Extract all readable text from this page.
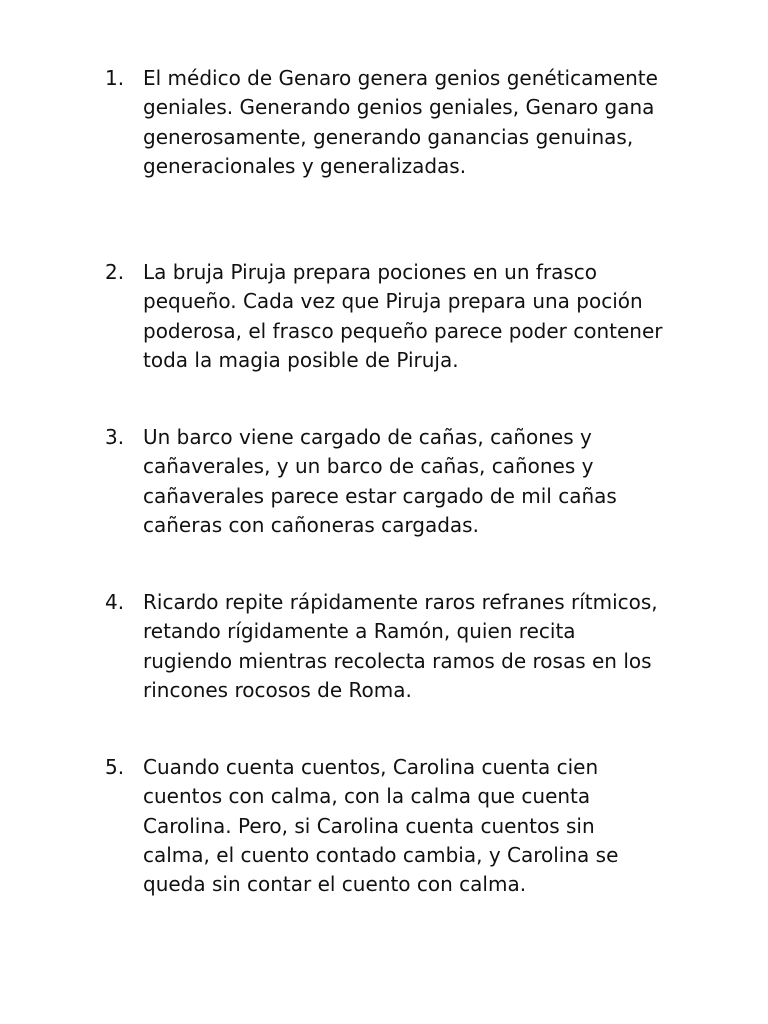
1. El médico de Genaro genera genios genéticamente geniales. Generando genios geniales, Genaro gana generosamente, generando ganancias genuinas, generacionales y generalizadas.
2. La bruja Piruja prepara pociones en un frasco pequeño. Cada vez que Piruja prepara una poción poderosa, el frasco pequeño parece poder contener toda la magia posible de Piruja.
3. Un barco viene cargado de cañas, cañones y cañaverales, y un barco de cañas, cañones y cañaverales parece estar cargado de mil cañas cañeras con cañoneras cargadas.
4. Ricardo repite rápidamente raros refranes rítmicos, retando rígidamente a Ramón, quien recita rugiendo mientras recolecta ramos de rosas en los rincones rocosos de Roma.
5. Cuando cuenta cuentos, Carolina cuenta cien cuentos con calma, con la calma que cuenta Carolina. Pero, si Carolina cuenta cuentos sin calma, el cuento contado cambia, y Carolina se queda sin contar el cuento con calma.
